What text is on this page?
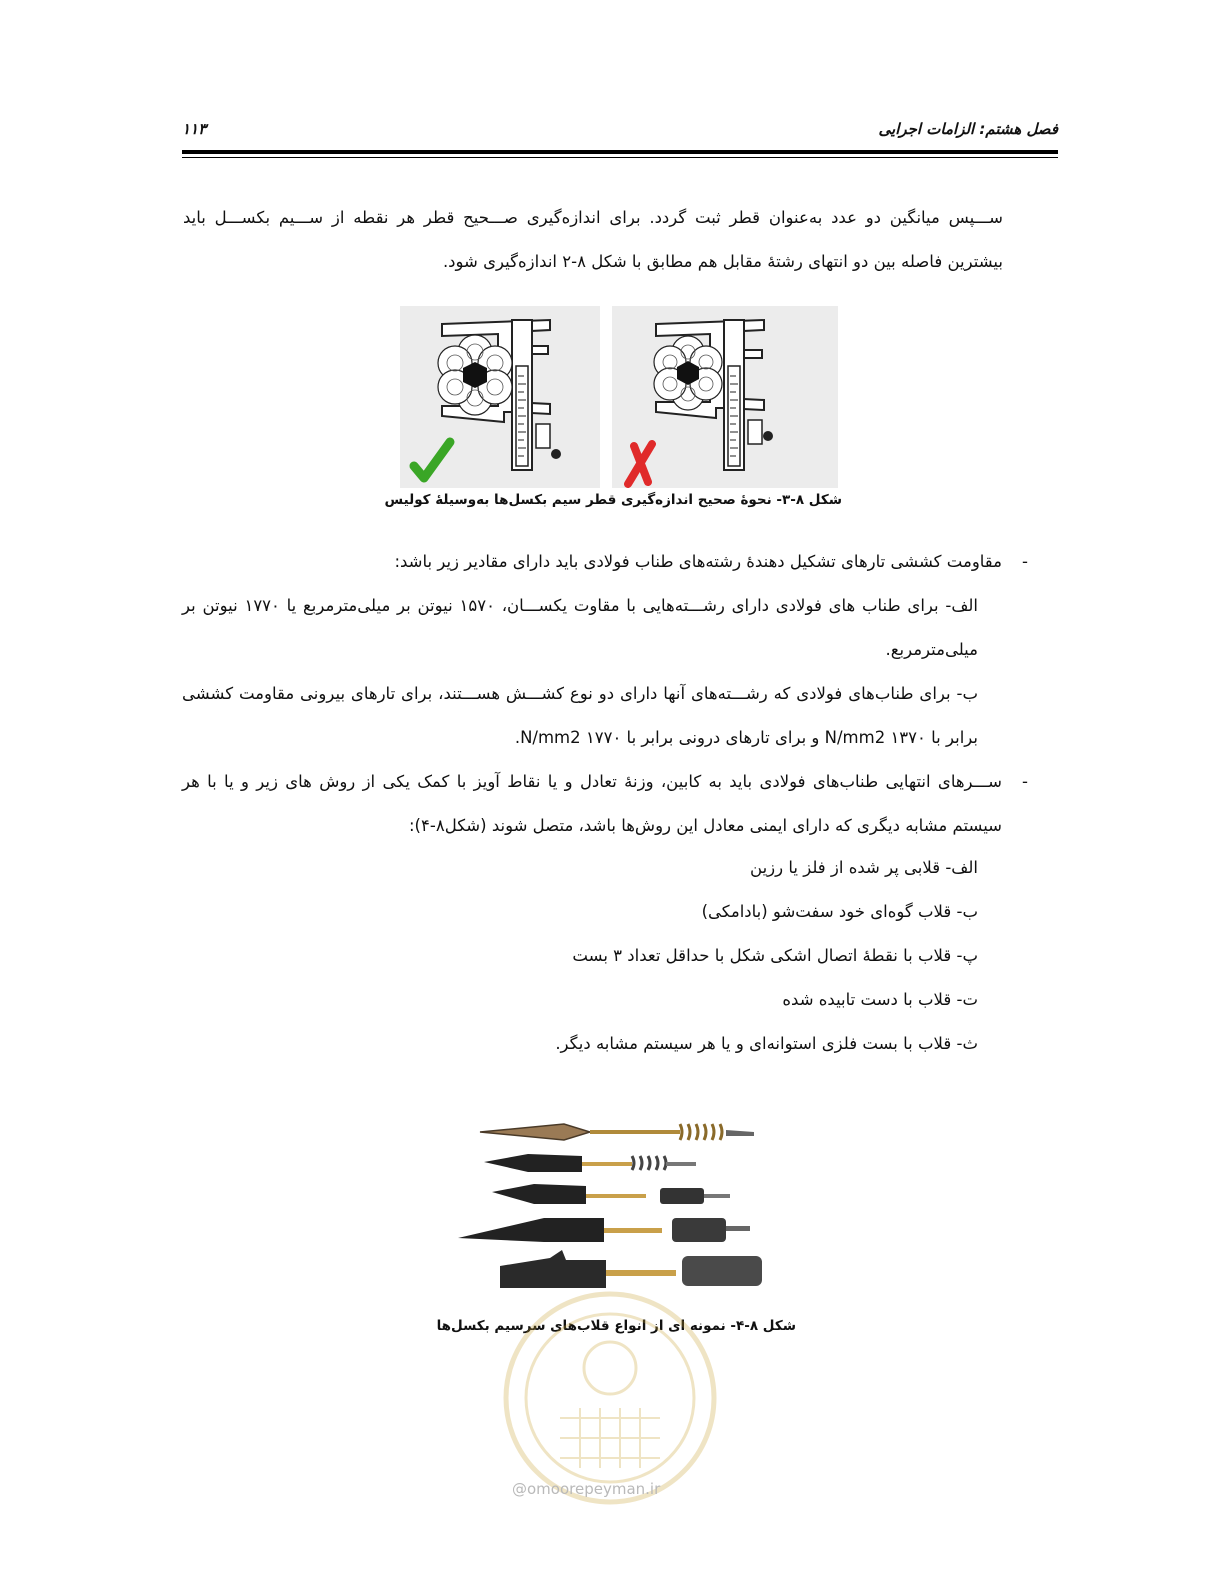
فصل هشتم: الزامات اجرایی
۱۱۳
ســـپس میانگین دو عدد به‌عنوان قطر ثبت گردد. برای اندازه‌گیری صـــحیح قطر هر نقطه از ســـیم بکســـل باید بیشترین فاصله بین دو انتهای رشتهٔ مقابل هم مطابق با شکل ۸-۲ اندازه‌گیری شود.
شکل ۸-۳- نحوهٔ صحیح اندازه‌گیری قطر سیم بکسل‌ها به‌وسیلهٔ کولیس
-
مقاومت کششی تارهای تشکیل دهندهٔ رشته‌های طناب فولادی باید دارای مقادیر زیر باشد:
الف- برای طناب های فولادی دارای رشـــته‌هایی با مقاوت یکســـان، ۱۵۷۰ نیوتن بر میلی‌مترمربع یا ۱۷۷۰ نیوتن بر میلی‌مترمربع.
ب- برای طناب‌های فولادی که رشـــته‌های آنها دارای دو نوع کشـــش هســـتند، برای تارهای بیرونی مقاومت کششی برابر با N/mm2 ۱۳۷۰ و برای تارهای درونی برابر با N/mm2 ۱۷۷۰.
-
ســـرهای انتهایی طناب‌های فولادی باید به کابین، وزنهٔ تعادل و یا نقاط آویز با کمک یکی از روش های زیر و یا با هر سیستم مشابه دیگری که دارای ایمنی معادل این روش‌ها باشد، متصل شوند (شکل۸-۴):
الف- قلابی پر شده از فلز یا رزین
ب- قلاب گوه‌ای خود سفت‌شو (بادامکی)
پ- قلاب با نقطهٔ اتصال اشکی شکل با حداقل تعداد ۳ بست
ت- قلاب با دست تابیده شده
ث- قلاب با بست فلزی استوانه‌ای و یا هر سیستم مشابه دیگر.
شکل ۸-۴- نمونه ای از انواع قلاب‌های سرسیم بکسل‌ها
@omoorepeyman.ir
